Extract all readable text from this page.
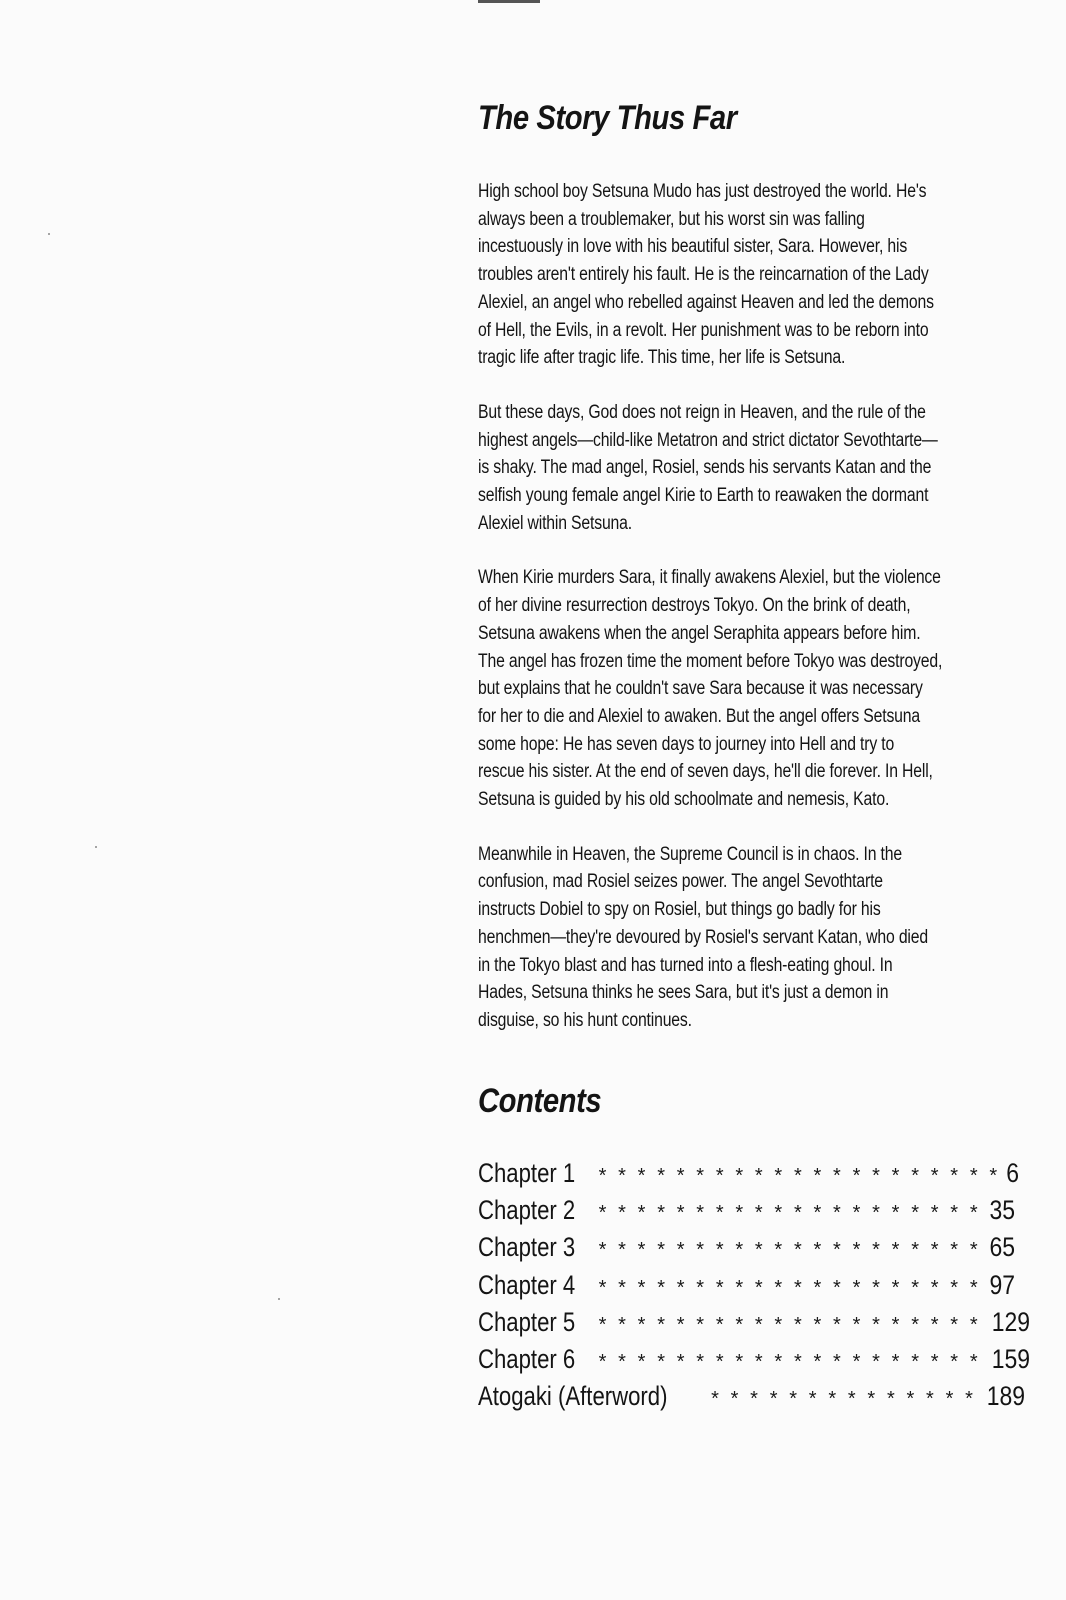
The Story Thus Far

High school boy Setsuna Mudo has just destroyed the world. He's always been a troublemaker, but his worst sin was falling incestuously in love with his beautiful sister, Sara. However, his troubles aren't entirely his fault. He is the reincarnation of the Lady Alexiel, an angel who rebelled against Heaven and led the demons of Hell, the Evils, in a revolt. Her punishment was to be reborn into tragic life after tragic life. This time, her life is Setsuna.

But these days, God does not reign in Heaven, and the rule of the highest angels—child-like Metatron and strict dictator Sevothtarte—is shaky. The mad angel, Rosiel, sends his servants Katan and the selfish young female angel Kirie to Earth to reawaken the dormant Alexiel within Setsuna.

When Kirie murders Sara, it finally awakens Alexiel, but the violence of her divine resurrection destroys Tokyo. On the brink of death, Setsuna awakens when the angel Seraphita appears before him. The angel has frozen time the moment before Tokyo was destroyed, but explains that he couldn't save Sara because it was necessary for her to die and Alexiel to awaken. But the angel offers Setsuna some hope: He has seven days to journey into Hell and try to rescue his sister. At the end of seven days, he'll die forever. In Hell, Setsuna is guided by his old schoolmate and nemesis, Kato.

Meanwhile in Heaven, the Supreme Council is in chaos. In the confusion, mad Rosiel seizes power. The angel Sevothtarte instructs Dobiel to spy on Rosiel, but things go badly for his henchmen—they're devoured by Rosiel's servant Katan, who died in the Tokyo blast and has turned into a flesh-eating ghoul. In Hades, Setsuna thinks he sees Sara, but it's just a demon in disguise, so his hunt continues.

Contents
Chapter 1 * * * * * * * * * * * * * * * * * * * * * 6
Chapter 2 * * * * * * * * * * * * * * * * * * * * 35
Chapter 3 * * * * * * * * * * * * * * * * * * * * 65
Chapter 4 * * * * * * * * * * * * * * * * * * * * 97
Chapter 5 * * * * * * * * * * * * * * * * * * * * 129
Chapter 6 * * * * * * * * * * * * * * * * * * * * 159
Atogaki (Afterword) * * * * * * * * * * * * * * 189
